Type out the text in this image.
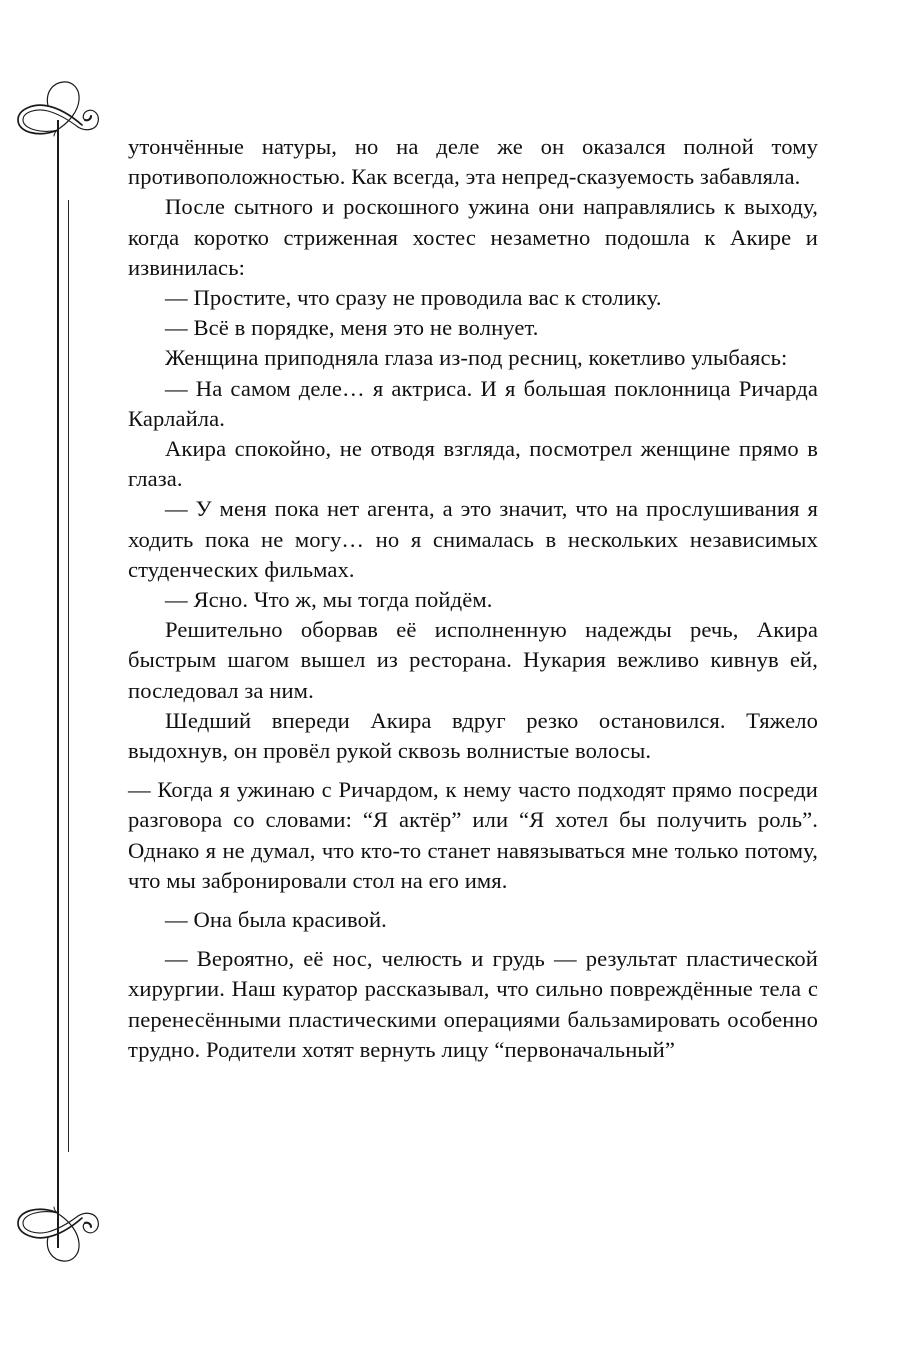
утончённые натуры, но на деле же он оказался полной тому противоположностью. Как всегда, эта непред-сказуемость забавляла.

После сытного и роскошного ужина они направлялись к выходу, когда коротко стриженная хостес незаметно подошла к Акире и извинилась:

— Простите, что сразу не проводила вас к столику.

— Всё в порядке, меня это не волнует.

Женщина приподняла глаза из-под ресниц, кокетливо улыбаясь:

— На самом деле… я актриса. И я большая поклонница Ричарда Карлайла.

Акира спокойно, не отводя взгляда, посмотрел женщине прямо в глаза.

— У меня пока нет агента, а это значит, что на прослушивания я ходить пока не могу… но я снималась в нескольких независимых студенческих фильмах.

— Ясно. Что ж, мы тогда пойдём.

Решительно оборвав её исполненную надежды речь, Акира быстрым шагом вышел из ресторана. Нукария вежливо кивнув ей, последовал за ним.

Шедший впереди Акира вдруг резко остановился. Тяжело выдохнув, он провёл рукой сквозь волнистые волосы.

— Когда я ужинаю с Ричардом, к нему часто подходят прямо посреди разговора со словами: “Я актёр” или “Я хотел бы получить роль”. Однако я не думал, что кто-то станет навязываться мне только потому, что мы забронировали стол на его имя.

— Она была красивой.

— Вероятно, её нос, челюсть и грудь — результат пластической хирургии. Наш куратор рассказывал, что сильно повреждённые тела с перенесёнными пластическими операциями бальзамировать особенно трудно. Родители хотят вернуть лицу “первоначальный”
